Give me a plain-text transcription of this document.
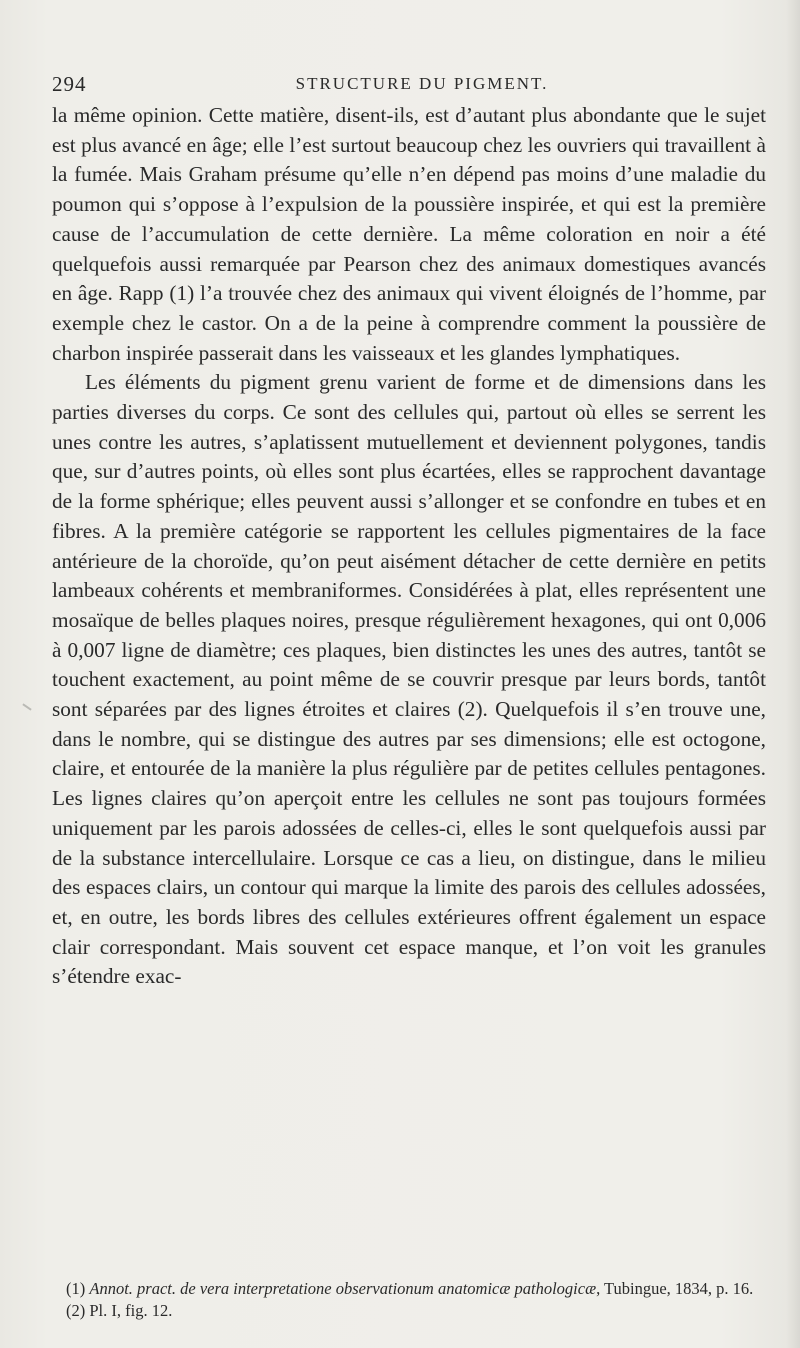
294	STRUCTURE DU PIGMENT.

la même opinion. Cette matière, disent-ils, est d’autant plus abondante que le sujet est plus avancé en âge; elle l’est surtout beaucoup chez les ouvriers qui travaillent à la fumée. Mais Graham présume qu’elle n’en dépend pas moins d’une maladie du poumon qui s’oppose à l’expulsion de la poussière inspirée, et qui est la première cause de l’accumulation de cette dernière. La même coloration en noir a été quelquefois aussi remarquée par Pearson chez des animaux domestiques avancés en âge. Rapp (1) l’a trouvée chez des animaux qui vivent éloignés de l’homme, par exemple chez le castor. On a de la peine à comprendre comment la poussière de charbon inspirée passerait dans les vaisseaux et les glandes lymphatiques.

Les éléments du pigment grenu varient de forme et de dimensions dans les parties diverses du corps. Ce sont des cellules qui, partout où elles se serrent les unes contre les autres, s’aplatissent mutuellement et deviennent polygones, tandis que, sur d’autres points, où elles sont plus écartées, elles se rapprochent davantage de la forme sphérique; elles peuvent aussi s’allonger et se confondre en tubes et en fibres. A la première catégorie se rapportent les cellules pigmentaires de la face antérieure de la choroïde, qu’on peut aisément détacher de cette dernière en petits lambeaux cohérents et membraniformes. Considérées à plat, elles représentent une mosaïque de belles plaques noires, presque régulièrement hexagones, qui ont 0,006 à 0,007 ligne de diamètre; ces plaques, bien distinctes les unes des autres, tantôt se touchent exactement, au point même de se couvrir presque par leurs bords, tantôt sont séparées par des lignes étroites et claires (2). Quelquefois il s’en trouve une, dans le nombre, qui se distingue des autres par ses dimensions; elle est octogone, claire, et entourée de la manière la plus régulière par de petites cellules pentagones. Les lignes claires qu’on aperçoit entre les cellules ne sont pas toujours formées uniquement par les parois adossées de celles-ci, elles le sont quelquefois aussi par de la substance intercellulaire. Lorsque ce cas a lieu, on distingue, dans le milieu des espaces clairs, un contour qui marque la limite des parois des cellules adossées, et, en outre, les bords libres des cellules extérieures offrent également un espace clair correspondant. Mais souvent cet espace manque, et l’on voit les granules s’étendre exac-

(1) Annot. pract. de vera interpretatione observationum anatomicæ pathologicæ, Tubingue, 1834, p. 16.

(2) Pl. I, fig. 12.
